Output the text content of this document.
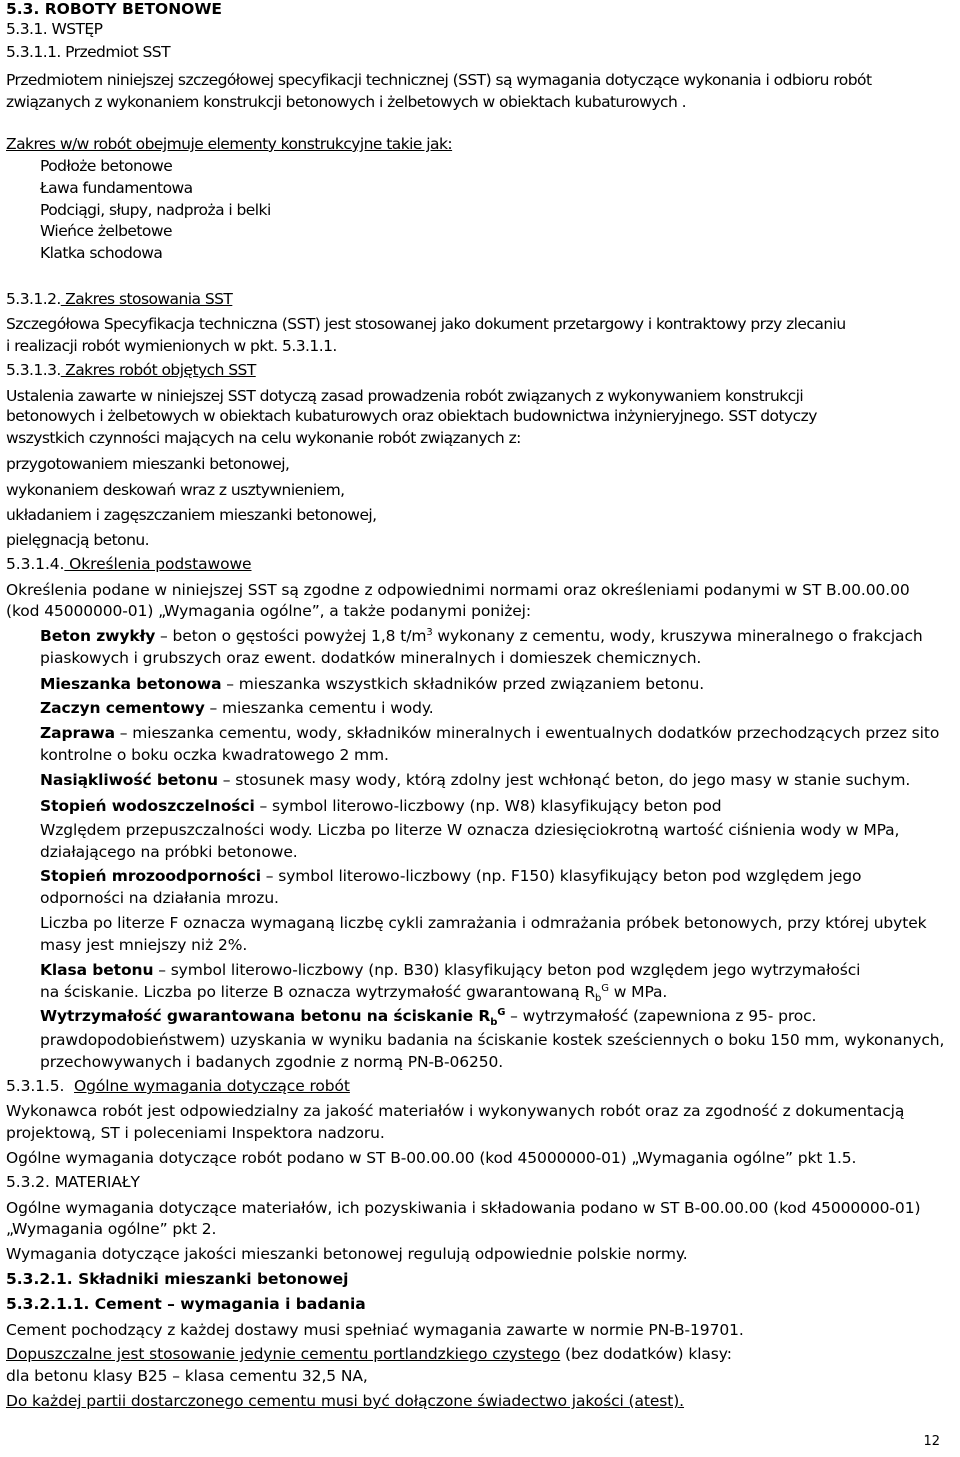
5.3. ROBOTY BETONOWE
5.3.1. WSTĘP
5.3.1.1. Przedmiot SST
Przedmiotem niniejszej szczegółowej specyfikacji technicznej (SST) są wymagania dotyczące wykonania i odbioru robót
związanych z wykonaniem konstrukcji betonowych i żelbetowych w obiektach kubaturowych .
Zakres w/w robót obejmuje elementy konstrukcyjne takie jak:
Podłoże betonowe
Ława fundamentowa
Podciągi, słupy, nadproża i belki
Wieńce żelbetowe
Klatka schodowa
5.3.1.2. Zakres stosowania SST
Szczegółowa Specyfikacja techniczna (SST) jest stosowanej jako dokument przetargowy i kontraktowy przy zlecaniu
i realizacji robót wymienionych w pkt. 5.3.1.1.
5.3.1.3. Zakres robót objętych SST
Ustalenia zawarte w niniejszej SST dotyczą zasad prowadzenia robót związanych z wykonywaniem konstrukcji
betonowych i żelbetowych w obiektach kubaturowych oraz obiektach budownictwa inżynieryjnego. SST dotyczy
wszystkich czynności mających na celu wykonanie robót związanych z:
przygotowaniem mieszanki betonowej,
wykonaniem deskowań wraz z usztywnieniem,
układaniem i zagęszczaniem mieszanki betonowej,
pielęgnacją betonu.
5.3.1.4. Określenia podstawowe
Określenia podane w niniejszej SST są zgodne z odpowiednimi normami oraz określeniami podanymi w ST B.00.00.00
(kod 45000000-01) „Wymagania ogólne”, a także podanymi poniżej:
Beton zwykły – beton o gęstości powyżej 1,8 $t/m^3$ wykonany z cementu, wody, kruszywa mineralnego o frakcjach
piaskowych i grubszych oraz ewent. dodatków mineralnych i domieszek chemicznych.
Mieszanka betonowa – mieszanka wszystkich składników przed związaniem betonu.
Zaczyn cementowy – mieszanka cementu i wody.
Zaprawa – mieszanka cementu, wody, składników mineralnych i ewentualnych dodatków przechodzących przez sito
kontrolne o boku oczka kwadratowego 2 mm.
Nasiąkliwość betonu – stosunek masy wody, którą zdolny jest wchłonąć beton, do jego masy w stanie suchym.
Stopień wodoszczelności – symbol literowo-liczbowy (np. W8) klasyfikujący beton pod
Względem przepuszczalności wody. Liczba po literze W oznacza dziesięciokrotną wartość ciśnienia wody w MPa,
działającego na próbki betonowe.
Stopień mrozoodporności – symbol literowo-liczbowy (np. F150) klasyfikujący beton pod względem jego
odporności na działania mrozu.
Liczba po literze F oznacza wymaganą liczbę cykli zamrażania i odmrażania próbek betonowych, przy której ubytek
masy jest mniejszy niż 2%.
Klasa betonu – symbol literowo-liczbowy (np. B30) klasyfikujący beton pod względem jego wytrzymałości
na ściskanie. Liczba po literze B oznacza wytrzymałość gwarantowaną $R_b^G$ w MPa.
Wytrzymałość gwarantowana betonu na ściskanie $R_b^G$ – wytrzymałość (zapewniona z 95- proc.
prawdopodobieństwem) uzyskania w wyniku badania na ściskanie kostek sześciennych o boku 150 mm, wykonanych,
przechowywanych i badanych zgodnie z normą PN-B-06250.
5.3.1.5. Ogólne wymagania dotyczące robót
Wykonawca robót jest odpowiedzialny za jakość materiałów i wykonywanych robót oraz za zgodność z dokumentacją
projektową, ST i poleceniami Inspektora nadzoru.
Ogólne wymagania dotyczące robót podano w ST B-00.00.00 (kod 45000000-01) „Wymagania ogólne” pkt 1.5.
5.3.2. MATERIAŁY
Ogólne wymagania dotyczące materiałów, ich pozyskiwania i składowania podano w ST B-00.00.00 (kod 45000000-01)
„Wymagania ogólne” pkt 2.
Wymagania dotyczące jakości mieszanki betonowej regulują odpowiednie polskie normy.
5.3.2.1. Składniki mieszanki betonowej
5.3.2.1.1. Cement – wymagania i badania
Cement pochodzący z każdej dostawy musi spełniać wymagania zawarte w normie PN-B-19701.
Dopuszczalne jest stosowanie jedynie cementu portlandzkiego czystego (bez dodatków) klasy:
dla betonu klasy B25 – klasa cementu 32,5 NA,
Do każdej partii dostarczonego cementu musi być dołączone świadectwo jakości (atest).
12
